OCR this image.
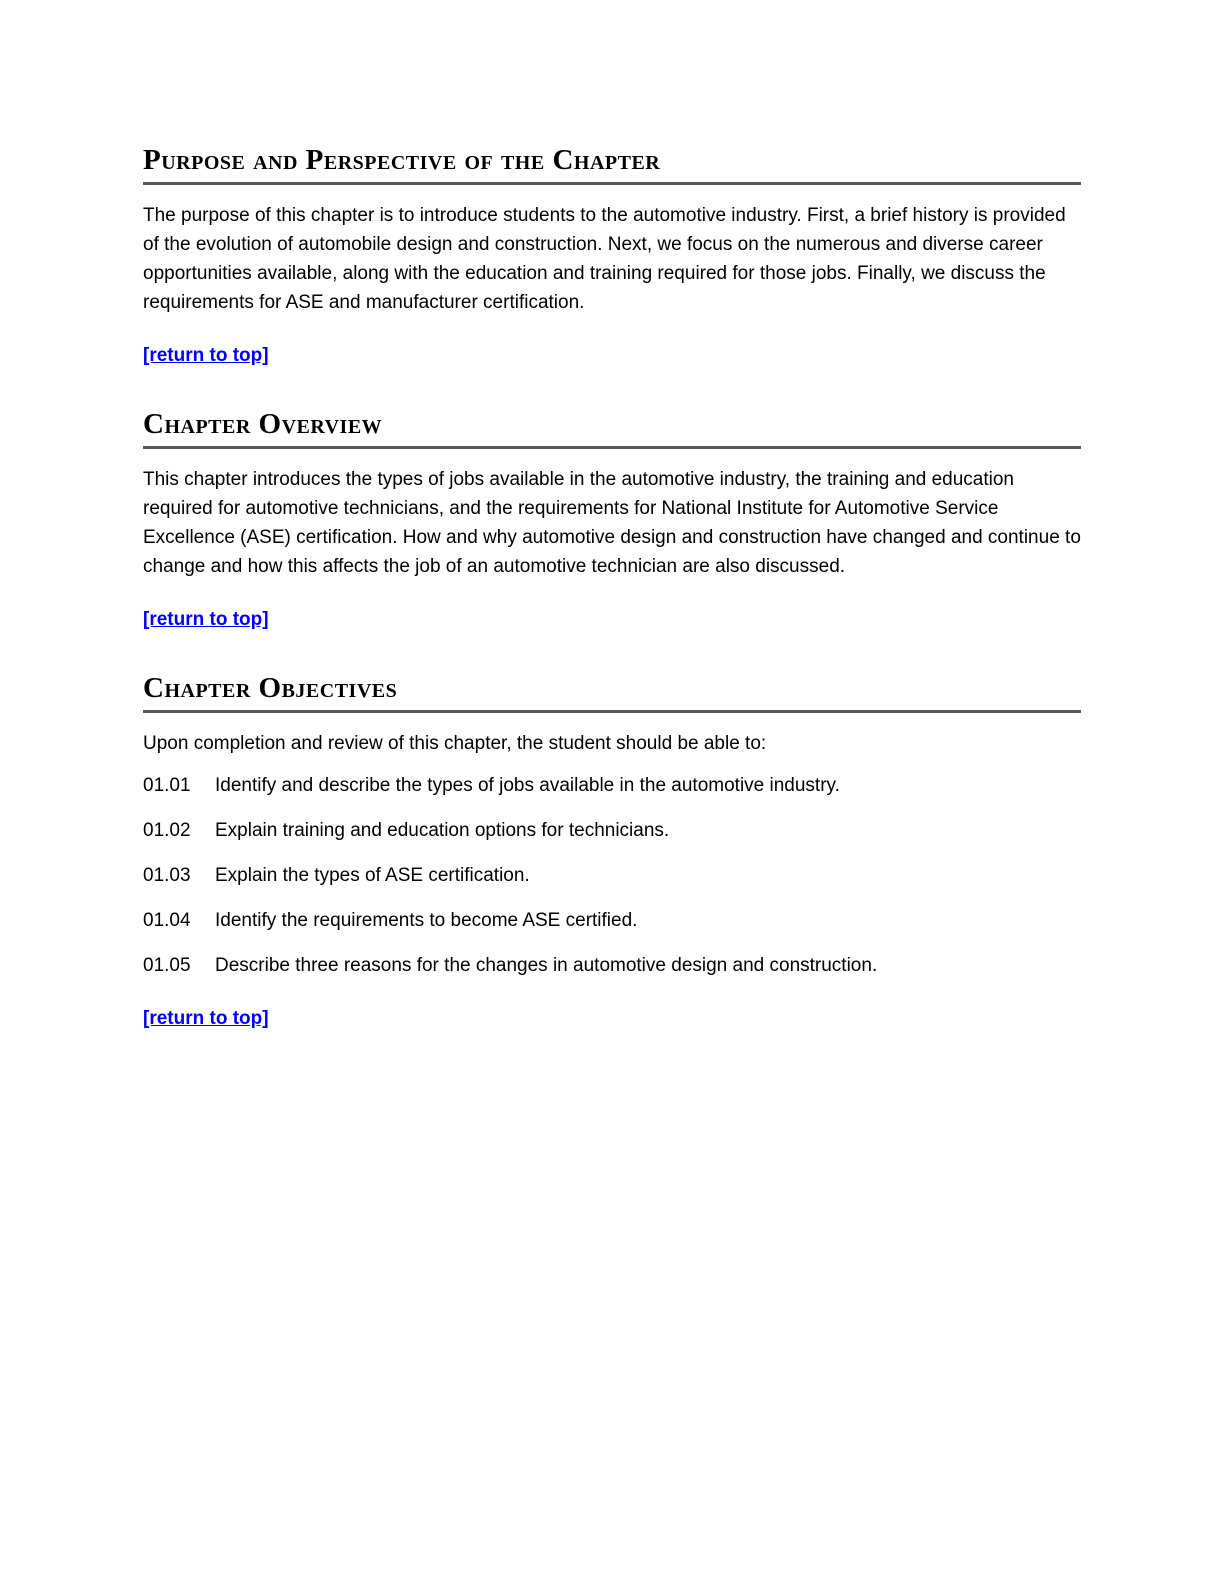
Purpose and Perspective of the Chapter

The purpose of this chapter is to introduce students to the automotive industry. First, a brief history is provided of the evolution of automobile design and construction. Next, we focus on the numerous and diverse career opportunities available, along with the education and training required for those jobs. Finally, we discuss the requirements for ASE and manufacturer certification.

[return to top]
Chapter Overview

This chapter introduces the types of jobs available in the automotive industry, the training and education required for automotive technicians, and the requirements for National Institute for Automotive Service Excellence (ASE) certification. How and why automotive design and construction have changed and continue to change and how this affects the job of an automotive technician are also discussed.

[return to top]
Chapter Objectives

Upon completion and review of this chapter, the student should be able to:

01.01	Identify and describe the types of jobs available in the automotive industry.
01.02	Explain training and education options for technicians.
01.03	Explain the types of ASE certification.
01.04	Identify the requirements to become ASE certified.
01.05	Describe three reasons for the changes in automotive design and construction.
[return to top]
